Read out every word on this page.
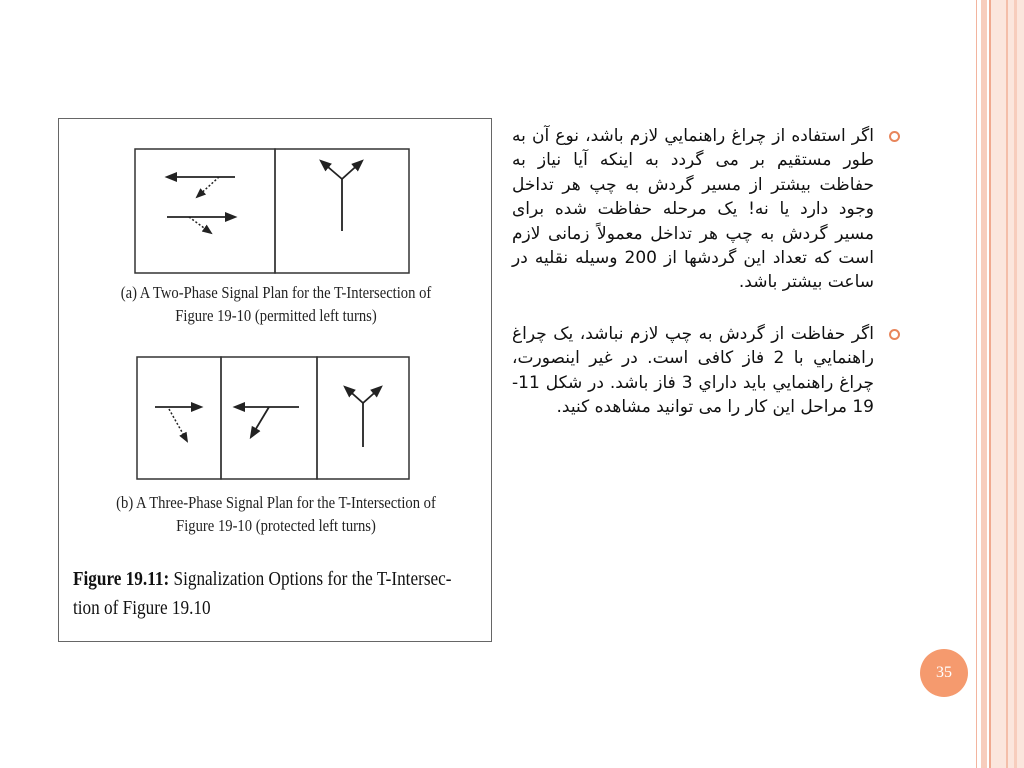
(a) A Two-Phase Signal Plan for the T-Intersection of
Figure 19-10 (permitted left turns)
(b) A Three-Phase Signal Plan for the T-Intersection of
Figure 19-10 (protected left turns)
Figure 19.11: Signalization Options for the T-Intersec-
tion of Figure 19.10
اگر استفاده از چراغ راهنمايي لازم باشد، نوع آن به طور مستقیم بر می گردد به اینکه آیا نیاز به حفاظت بیشتر از مسیر گردش به چپ هر تداخل وجود دارد یا نه! یک مرحله حفاظت شده برای مسیر گردش به چپ هر تداخل معمولاً زمانی لازم است که تعداد این گردشها از 200 وسیله نقلیه در ساعت بیشتر باشد.
اگر حفاظت از گردش به چپ لازم نباشد، یک چراغ راهنمايي با 2 فاز کافی است. در غیر اینصورت، چراغ راهنمايي باید داراي 3 فاز باشد. در شکل 11-19 مراحل این کار را می توانید مشاهده کنید.
35
